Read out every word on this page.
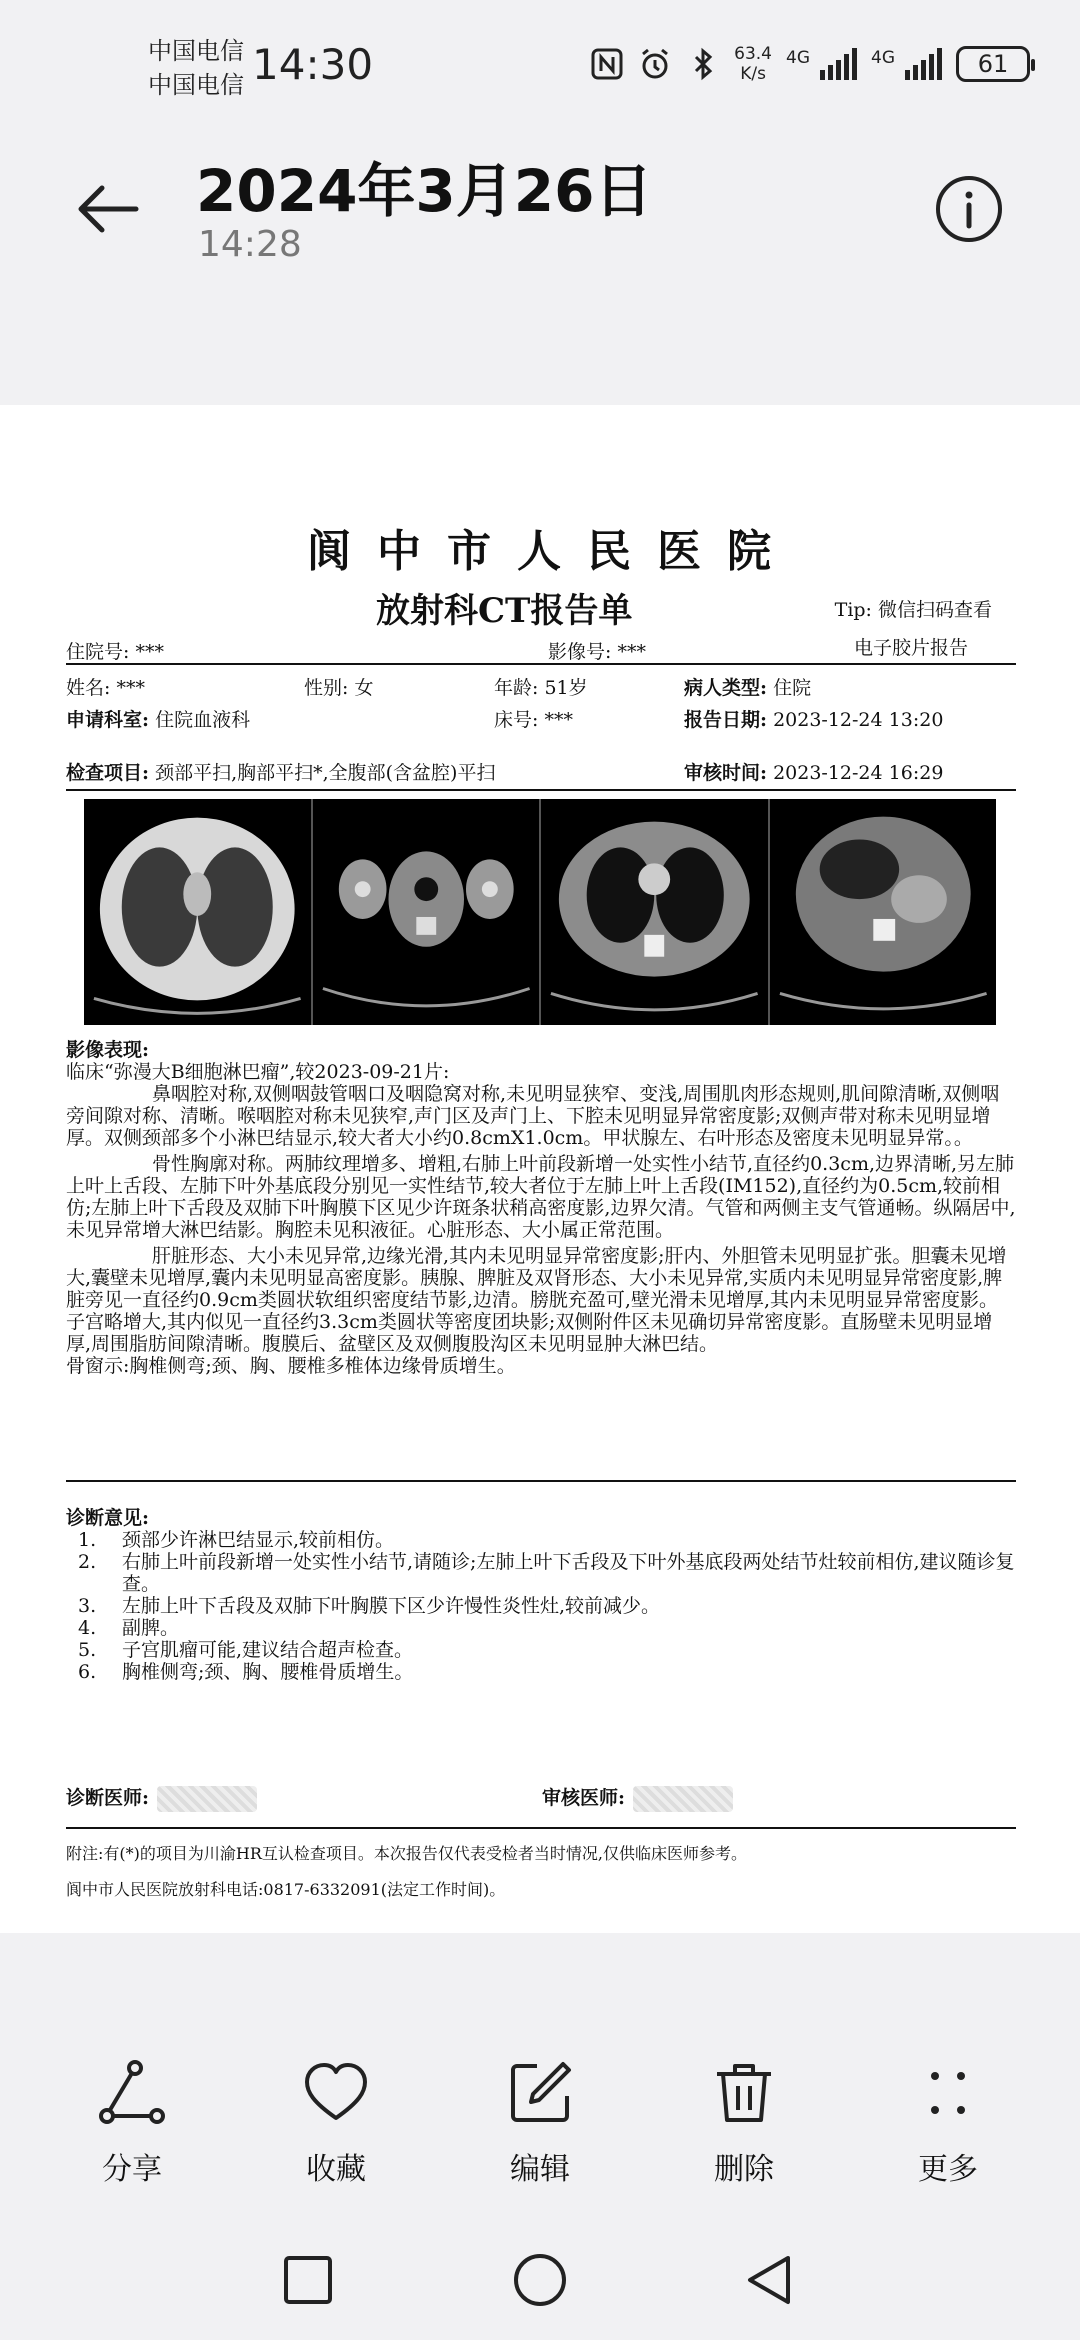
中国电信
中国电信 14:30	63.4
K/s
4G	4G	61
2024年3月26日
14:28
阆中市人民医院
放射科CT报告单	Tip: 微信扫码查看
电子胶片报告
住院号: ***	影像号: ***
姓名: ***	性别: 女	年龄: 51岁	病人类型: 住院
申请科室: 住院血液科	床号: ***	报告日期: 2023-12-24 13:20
检查项目: 颈部平扫,胸部平扫*,全腹部(含盆腔)平扫	审核时间: 2023-12-24 16:29
影像表现:
临床“弥漫大B细胞淋巴瘤”,较2023-09-21片:

鼻咽腔对称,双侧咽鼓管咽口及咽隐窝对称,未见明显狭窄、变浅,周围肌肉形态规则,肌间隙清晰,双侧咽旁间隙对称、清晰。喉咽腔对称未见狭窄,声门区及声门上、下腔未见明显异常密度影;双侧声带对称未见明显增厚。双侧颈部多个小淋巴结显示,较大者大小约0.8cmX1.0cm。甲状腺左、右叶形态及密度未见明显异常。。

骨性胸廓对称。两肺纹理增多、增粗,右肺上叶前段新增一处实性小结节,直径约0.3cm,边界清晰,另左肺上叶上舌段、左肺下叶外基底段分别见一实性结节,较大者位于左肺上叶上舌段(IM152),直径约为0.5cm,较前相仿;左肺上叶下舌段及双肺下叶胸膜下区见少许斑条状稍高密度影,边界欠清。气管和两侧主支气管通畅。纵隔居中,未见异常增大淋巴结影。胸腔未见积液征。心脏形态、大小属正常范围。

肝脏形态、大小未见异常,边缘光滑,其内未见明显异常密度影;肝内、外胆管未见明显扩张。胆囊未见增大,囊壁未见增厚,囊内未见明显高密度影。胰腺、脾脏及双肾形态、大小未见异常,实质内未见明显异常密度影,脾脏旁见一直径约0.9cm类圆状软组织密度结节影,边清。膀胱充盈可,壁光滑未见增厚,其内未见明显异常密度影。子宫略增大,其内似见一直径约3.3cm类圆状等密度团块影;双侧附件区未见确切异常密度影。直肠壁未见明显增厚,周围脂肪间隙清晰。腹膜后、盆壁区及双侧腹股沟区未见明显肿大淋巴结。

骨窗示:胸椎侧弯;颈、胸、腰椎多椎体边缘骨质增生。
诊断意见:
1.	颈部少许淋巴结显示,较前相仿。
2.	右肺上叶前段新增一处实性小结节,请随诊;左肺上叶下舌段及下叶外基底段两处结节灶较前相仿,建议随诊复查。
3.	左肺上叶下舌段及双肺下叶胸膜下区少许慢性炎性灶,较前减少。
4.	副脾。
5.	子宫肌瘤可能,建议结合超声检查。
6.	胸椎侧弯;颈、胸、腰椎骨质增生。
诊断医师:	审核医师:
附注:有(*)的项目为川渝HR互认检查项目。本次报告仅代表受检者当时情况,仅供临床医师参考。
阆中市人民医院放射科电话:0817-6332091(法定工作时间)。
分享	收藏	编辑	删除	更多
